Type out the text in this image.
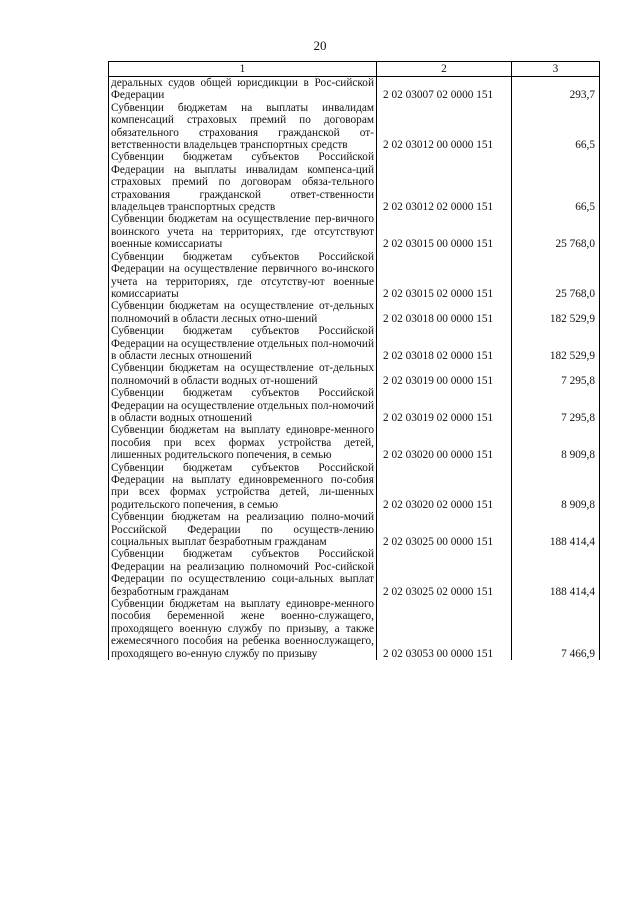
20
1	2	3
деральных судов общей юрисдикции в Рос-сийской Федерации	2 02 03007 02 0000 151	293,7
Субвенции бюджетам на выплаты инвалидам компенсаций страховых премий по договорам обязательного страхования гражданской от-ветственности владельцев транспортных средств	2 02 03012 00 0000 151	66,5
Субвенции бюджетам субъектов Российской Федерации на выплаты инвалидам компенса-ций страховых премий по договорам обяза-тельного страхования гражданской ответ-ственности владельцев транспортных средств	2 02 03012 02 0000 151	66,5
Субвенции бюджетам на осуществление пер-вичного воинского учета на территориях, где отсутствуют военные комиссариаты	2 02 03015 00 0000 151	25 768,0
Субвенции бюджетам субъектов Российской Федерации на осуществление первичного во-инского учета на территориях, где отсутству-ют военные комиссариаты	2 02 03015 02 0000 151	25 768,0
Субвенции бюджетам на осуществление от-дельных полномочий в области лесных отно-шений	2 02 03018 00 0000 151	182 529,9
Субвенции бюджетам субъектов Российской Федерации на осуществление отдельных пол-номочий в области лесных отношений	2 02 03018 02 0000 151	182 529,9
Субвенции бюджетам на осуществление от-дельных полномочий в области водных от-ношений	2 02 03019 00 0000 151	7 295,8
Субвенции бюджетам субъектов Российской Федерации на осуществление отдельных пол-номочий в области водных отношений	2 02 03019 02 0000 151	7 295,8
Субвенции бюджетам на выплату единовре-менного пособия при всех формах устройства детей, лишенных родительского попечения, в семью	2 02 03020 00 0000 151	8 909,8
Субвенции бюджетам субъектов Российской Федерации на выплату единовременного по-собия при всех формах устройства детей, ли-шенных родительского попечения, в семью	2 02 03020 02 0000 151	8 909,8
Субвенции бюджетам на реализацию полно-мочий Российской Федерации по осуществ-лению социальных выплат безработным гражданам	2 02 03025 00 0000 151	188 414,4
Субвенции бюджетам субъектов Российской Федерации на реализацию полномочий Рос-сийской Федерации по осуществлению соци-альных выплат безработным гражданам	2 02 03025 02 0000 151	188 414,4
Субвенции бюджетам на выплату единовре-менного пособия беременной жене военно-служащего, проходящего военную службу по призыву, а также ежемесячного пособия на ребенка военнослужащего, проходящего во-енную службу по призыву	2 02 03053 00 0000 151	7 466,9
